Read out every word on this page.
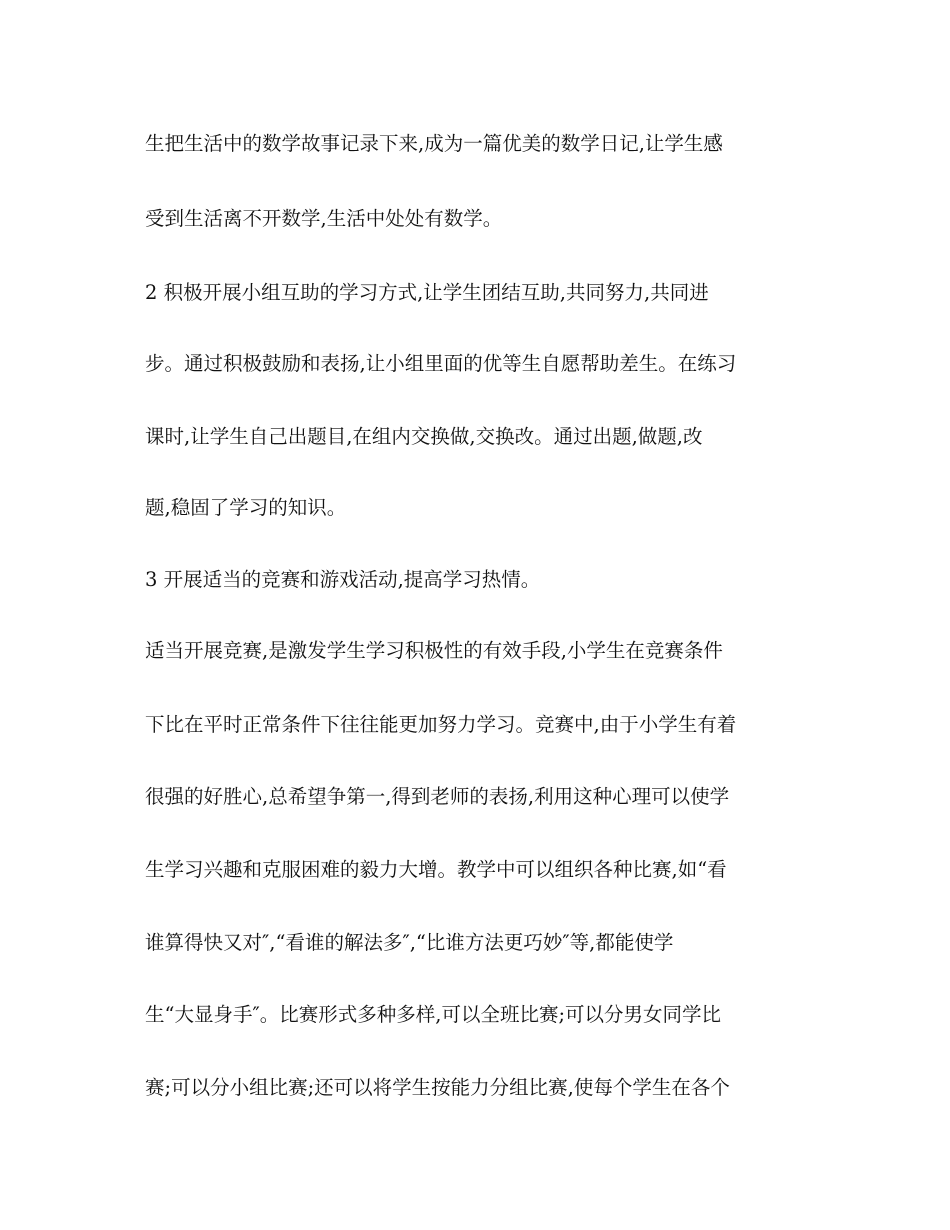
生把生活中的数学故事记录下来,成为一篇优美的数学日记,让学生感
受到生活离不开数学,生活中处处有数学。
2 积极开展小组互助的学习方式,让学生团结互助,共同努力,共同进
步。通过积极鼓励和表扬,让小组里面的优等生自愿帮助差生。在练习
课时,让学生自己出题目,在组内交换做,交换改。通过出题,做题,改
题,稳固了学习的知识。
3 开展适当的竞赛和游戏活动,提高学习热情。
适当开展竞赛,是激发学生学习积极性的有效手段,小学生在竞赛条件
下比在平时正常条件下往往能更加努力学习。竞赛中,由于小学生有着
很强的好胜心,总希望争第一,得到老师的表扬,利用这种心理可以使学
生学习兴趣和克服困难的毅力大增。教学中可以组织各种比赛,如“看
谁算得快又对″,“看谁的解法多″,“比谁方法更巧妙″等,都能使学
生“大显身手″。比赛形式多种多样,可以全班比赛;可以分男女同学比
赛;可以分小组比赛;还可以将学生按能力分组比赛,使每个学生在各个
